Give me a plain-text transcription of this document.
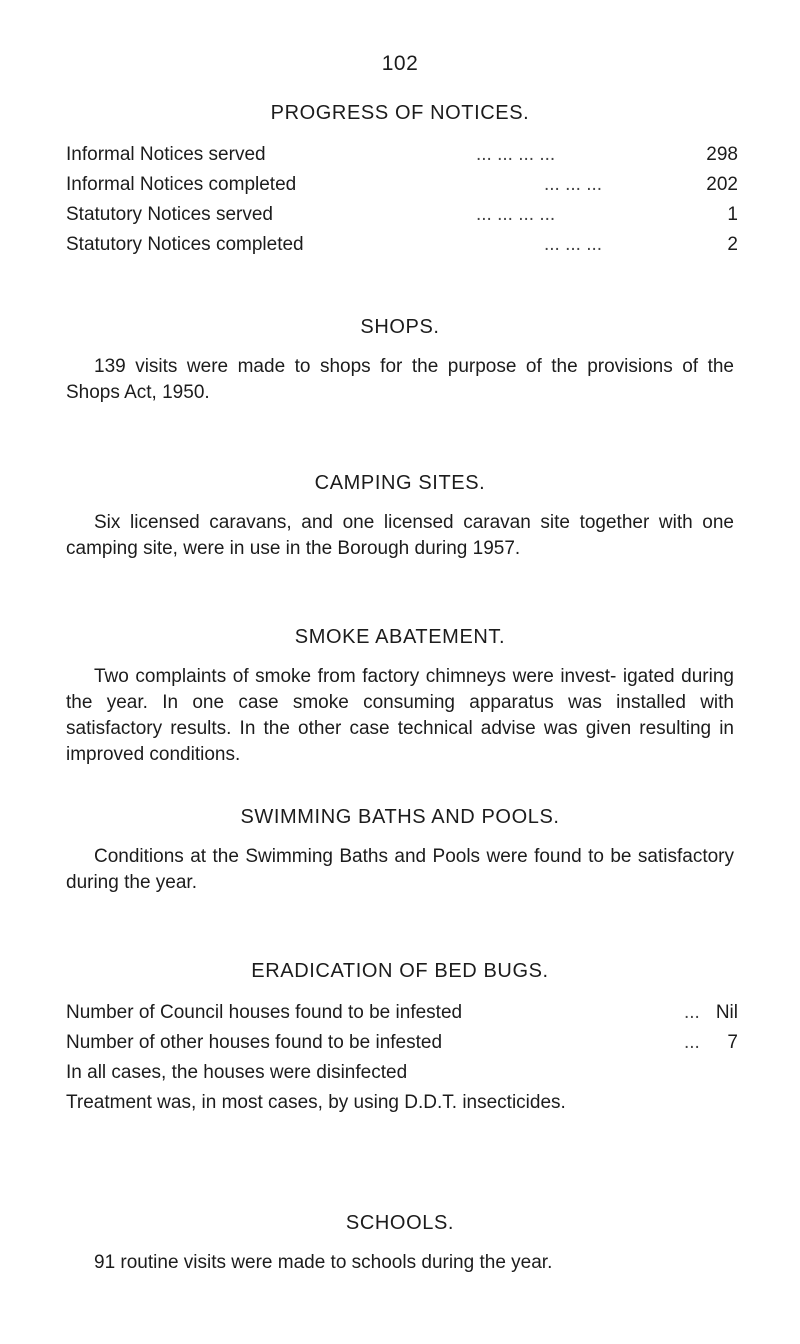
102
PROGRESS OF NOTICES.
Informal Notices served	... ... ... ...	298
Informal Notices completed	... ... ...	202
Statutory Notices served	... ... ... ...	1
Statutory Notices completed	... ... ...	2
SHOPS.
139 visits were made to shops for the purpose of the provisions of the Shops Act, 1950.
CAMPING SITES.
Six licensed caravans, and one licensed caravan site together with one camping site, were in use in the Borough during 1957.
SMOKE ABATEMENT.
Two complaints of smoke from factory chimneys were invest- igated during the year. In one case smoke consuming apparatus was installed with satisfactory results. In the other case technical advise was given resulting in improved conditions.
SWIMMING BATHS AND POOLS.
Conditions at the Swimming Baths and Pools were found to be satisfactory during the year.
ERADICATION OF BED BUGS.
Number of Council houses found to be infested	... Nil
Number of other houses found to be infested	... 7
In all cases, the houses were disinfected
Treatment was, in most cases, by using D.D.T. insecticides.
SCHOOLS.
91 routine visits were made to schools during the year.
